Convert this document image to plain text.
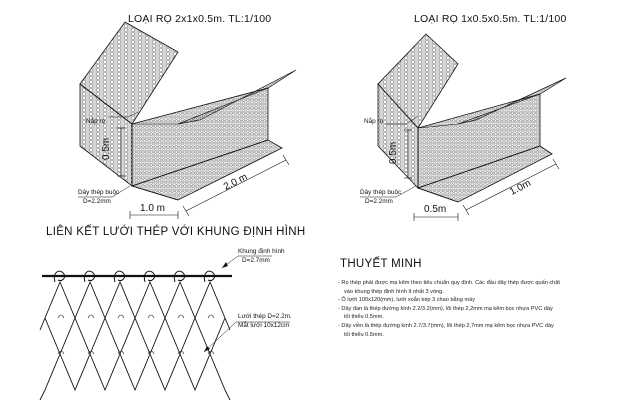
LOẠI RỌ 2x1x0.5m. TL:1/100
Nắp rọ
Dây thép buộc
D=2.2mm
0.5m
1.0 m
2.0 m
LOẠI RỌ 1x0.5x0.5m. TL:1/100
Nắp rọ
Dây thép buộc
D=2.2mm
0.5m
0.5m
1.0m
LIÊN KẾT LƯỚI THÉP VỚI KHUNG ĐỊNH HÌNH
Khung định hình
D=2.7mm
Lưới thép D=2.2m.
Mắt lưới 10x12cm
THUYẾT MINH
- Rọ thép phải được mạ kẽm theo tiêu chuẩn quy định. Các đầu dây thép được quấn chặt
vào khung thép định hình ít nhất 3 vòng.
- Ô lưới 100x120(mm), lưới xoắn kép 3 chao bằng máy
- Dây đan là thép đường kính 2.2/3.2(mm), lõi thép 2,2mm mạ kẽm bọc nhựa PVC dày
tối thiểu 0.5mm.
- Dây viền là thép đường kính 2.7/3.7(mm), lõi thép 2,7mm mạ kẽm bọc nhựa PVC dày
tối thiểu 0.5mm.
